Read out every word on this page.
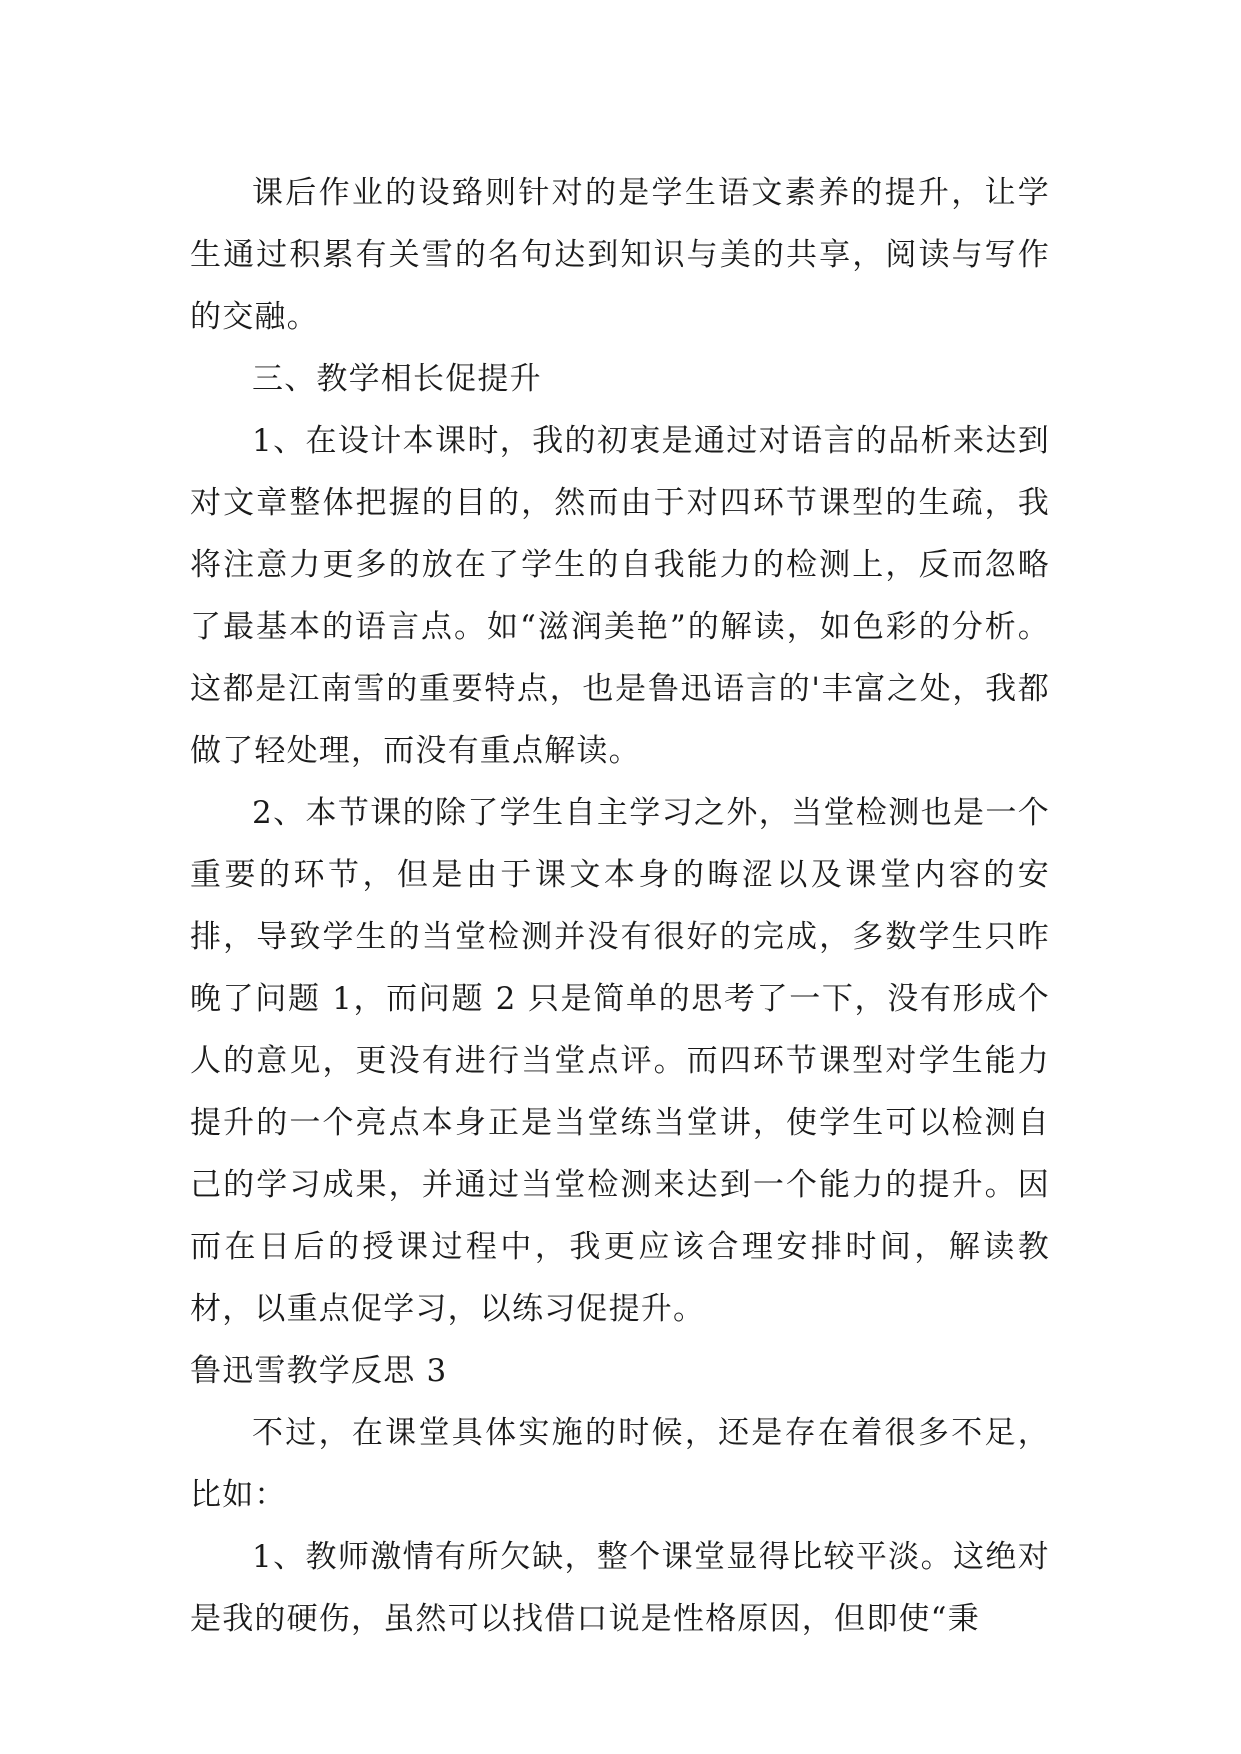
课后作业的设臵则针对的是学生语文素养的提升，让学生通过积累有关雪的名句达到知识与美的共享，阅读与写作的交融。

三、教学相长促提升

1、在设计本课时，我的初衷是通过对语言的品析来达到对文章整体把握的目的，然而由于对四环节课型的生疏，我将注意力更多的放在了学生的自我能力的检测上，反而忽略了最基本的语言点。如“滋润美艳”的解读，如色彩的分析。这都是江南雪的重要特点，也是鲁迅语言的'丰富之处，我都做了轻处理，而没有重点解读。

2、本节课的除了学生自主学习之外，当堂检测也是一个重要的环节，但是由于课文本身的晦涩以及课堂内容的安排，导致学生的当堂检测并没有很好的完成，多数学生只昨晚了问题 1，而问题 2 只是简单的思考了一下，没有形成个人的意见，更没有进行当堂点评。而四环节课型对学生能力提升的一个亮点本身正是当堂练当堂讲，使学生可以检测自己的学习成果，并通过当堂检测来达到一个能力的提升。因而在日后的授课过程中，我更应该合理安排时间，解读教材，以重点促学习，以练习促提升。

鲁迅雪教学反思 3

不过，在课堂具体实施的时候，还是存在着很多不足，比如：

1、教师激情有所欠缺，整个课堂显得比较平淡。这绝对是我的硬伤，虽然可以找借口说是性格原因，但即使“秉
